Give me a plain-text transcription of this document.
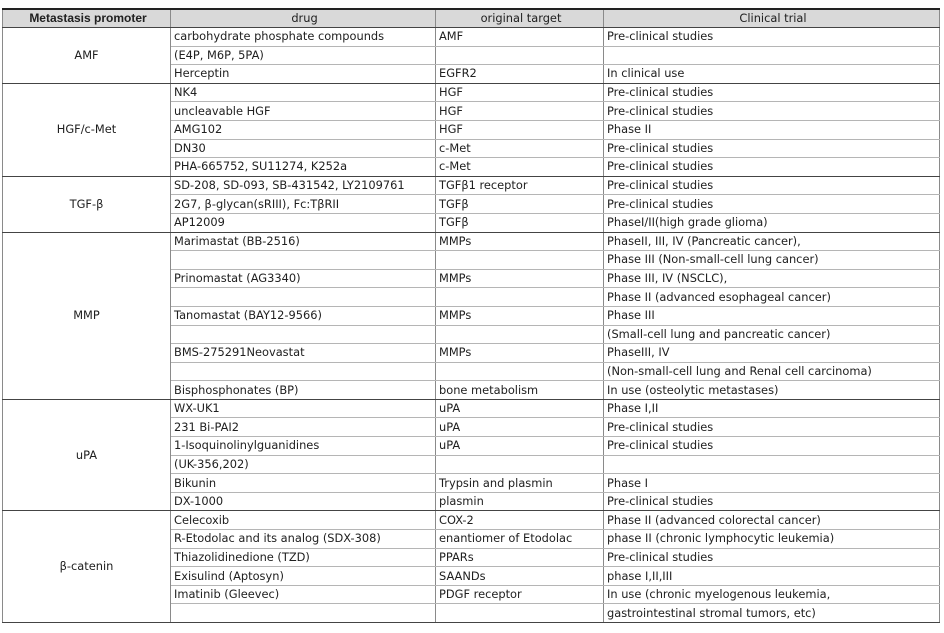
Metastasis promoter	drug	original target	Clinical trial
AMF	carbohydrate phosphate compounds	AMF	Pre-clinical studies
	(E4P, M6P, 5PA)		
	Herceptin	EGFR2	In clinical use
HGF/c-Met	NK4	HGF	Pre-clinical studies
	uncleavable HGF	HGF	Pre-clinical studies
	AMG102	HGF	Phase II
	DN30	c-Met	Pre-clinical studies
	PHA-665752, SU11274, K252a	c-Met	Pre-clinical studies
TGF-β	SD-208, SD-093, SB-431542, LY2109761	TGFβ1 receptor	Pre-clinical studies
	2G7, β-glycan(sRIII), Fc:TβRII	TGFβ	Pre-clinical studies
	AP12009	TGFβ	PhaseI/II(high grade glioma)
MMP	Marimastat (BB-2516)	MMPs	PhaseII, III, IV (Pancreatic cancer),
			Phase III (Non-small-cell lung cancer)
	Prinomastat (AG3340)	MMPs	Phase III, IV (NSCLC),
			Phase II (advanced esophageal cancer)
	Tanomastat (BAY12-9566)	MMPs	Phase III
			(Small-cell lung and pancreatic cancer)
	BMS-275291Neovastat	MMPs	PhaseIII, IV
			(Non-small-cell lung and Renal cell carcinoma)
	Bisphosphonates (BP)	bone metabolism	In use (osteolytic metastases)
uPA	WX-UK1	uPA	Phase I,II
	231 Bi-PAI2	uPA	Pre-clinical studies
	1-Isoquinolinylguanidines	uPA	Pre-clinical studies
	(UK-356,202)		
	Bikunin	Trypsin and plasmin	Phase I
	DX-1000	plasmin	Pre-clinical studies
β-catenin	Celecoxib	COX-2	Phase II (advanced colorectal cancer)
	R-Etodolac and its analog (SDX-308)	enantiomer of Etodolac	phase II (chronic lymphocytic leukemia)
	Thiazolidinedione (TZD)	PPARs	Pre-clinical studies
	Exisulind (Aptosyn)	SAANDs	phase I,II,III
	Imatinib (Gleevec)	PDGF receptor	In use (chronic myelogenous leukemia,
			gastrointestinal stromal tumors, etc)
